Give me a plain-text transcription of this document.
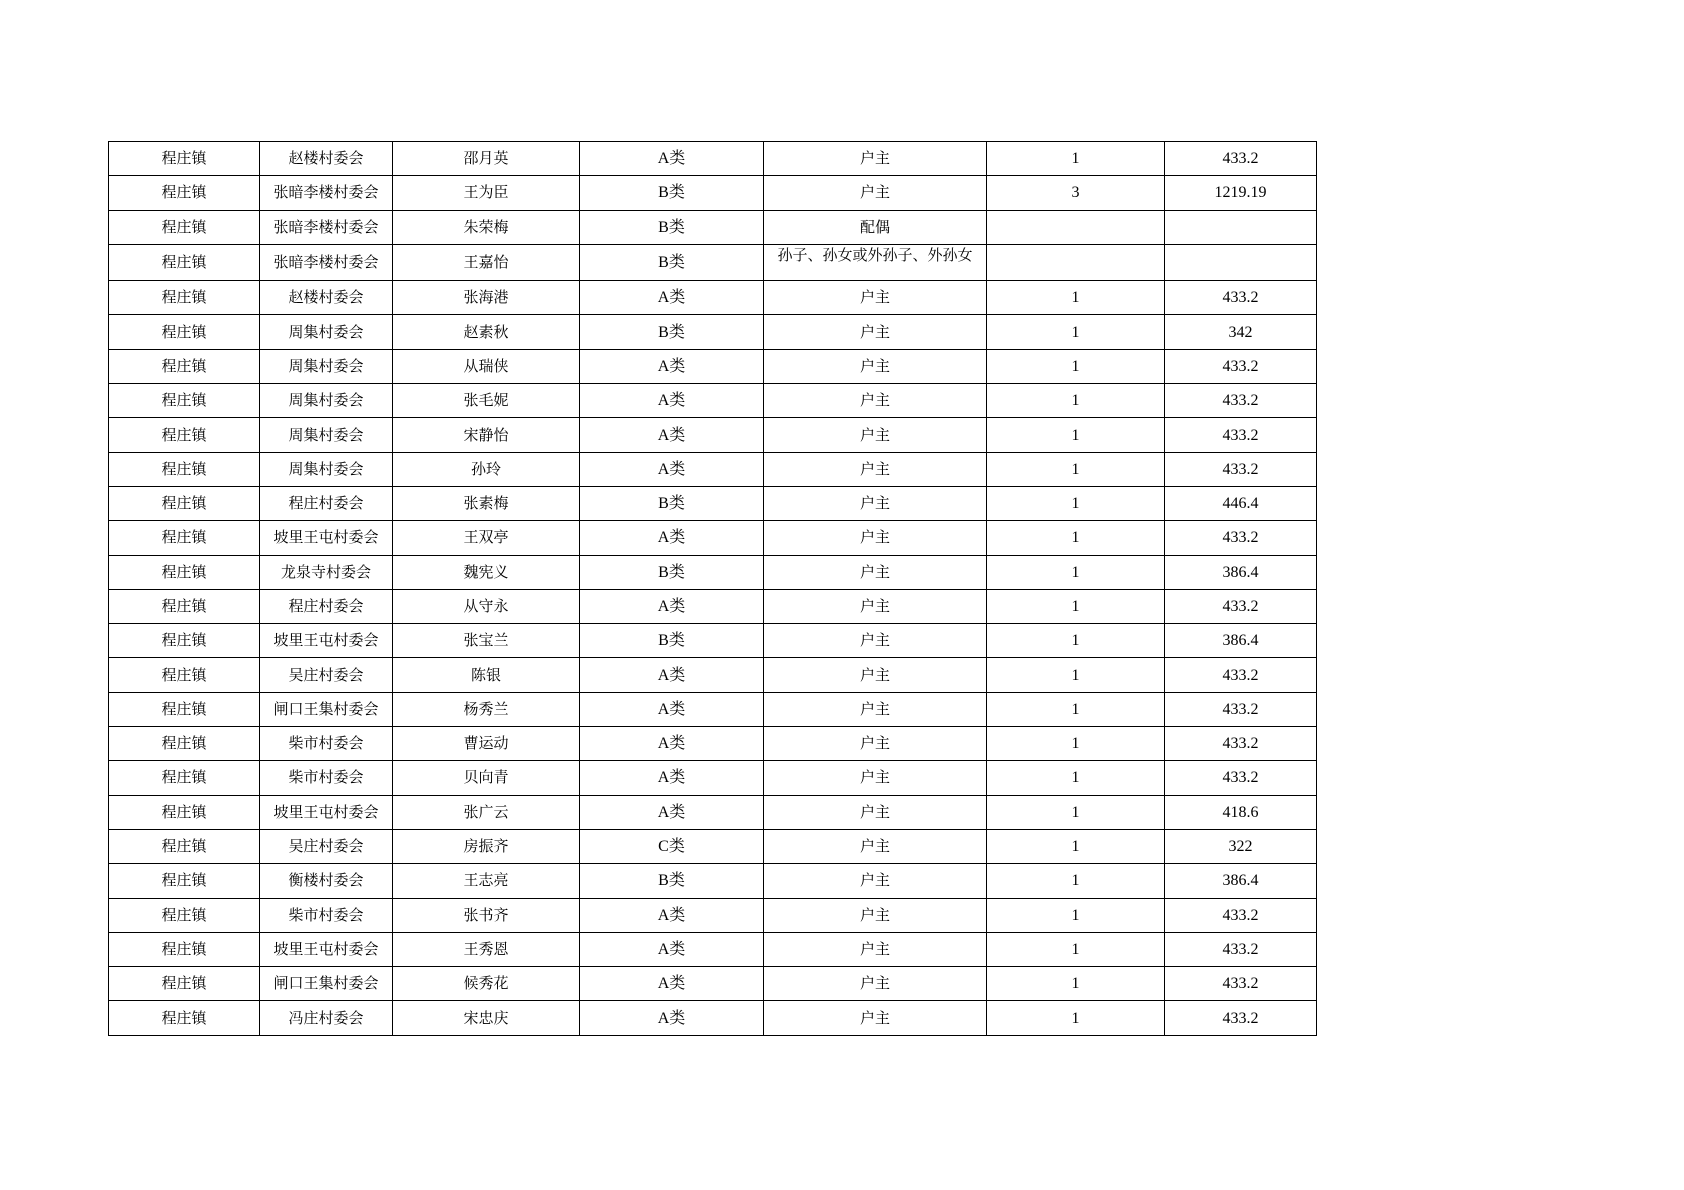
程庄镇	赵楼村委会	邵月英	A类	户主	1	433.2
程庄镇	张暗李楼村委会	王为臣	B类	户主	3	1219.19
程庄镇	张暗李楼村委会	朱荣梅	B类	配偶		
程庄镇	张暗李楼村委会	王嘉怡	B类	孙子、孙女或外孙子、外孙女		

程庄镇	赵楼村委会	张海港	A类	户主	1	433.2
程庄镇	周集村委会	赵素秋	B类	户主	1	342
程庄镇	周集村委会	从瑞侠	A类	户主	1	433.2
程庄镇	周集村委会	张毛妮	A类	户主	1	433.2
程庄镇	周集村委会	宋静怡	A类	户主	1	433.2
程庄镇	周集村委会	孙玲	A类	户主	1	433.2
程庄镇	程庄村委会	张素梅	B类	户主	1	446.4
程庄镇	坡里王屯村委会	王双亭	A类	户主	1	433.2
程庄镇	龙泉寺村委会	魏宪义	B类	户主	1	386.4
程庄镇	程庄村委会	从守永	A类	户主	1	433.2
程庄镇	坡里王屯村委会	张宝兰	B类	户主	1	386.4
程庄镇	吴庄村委会	陈银	A类	户主	1	433.2
程庄镇	闸口王集村委会	杨秀兰	A类	户主	1	433.2
程庄镇	柴市村委会	曹运动	A类	户主	1	433.2
程庄镇	柴市村委会	贝向青	A类	户主	1	433.2
程庄镇	坡里王屯村委会	张广云	A类	户主	1	418.6
程庄镇	吴庄村委会	房振齐	C类	户主	1	322
程庄镇	衡楼村委会	王志亮	B类	户主	1	386.4
程庄镇	柴市村委会	张书齐	A类	户主	1	433.2
程庄镇	坡里王屯村委会	王秀恩	A类	户主	1	433.2
程庄镇	闸口王集村委会	候秀花	A类	户主	1	433.2
程庄镇	冯庄村委会	宋忠庆	A类	户主	1	433.2
